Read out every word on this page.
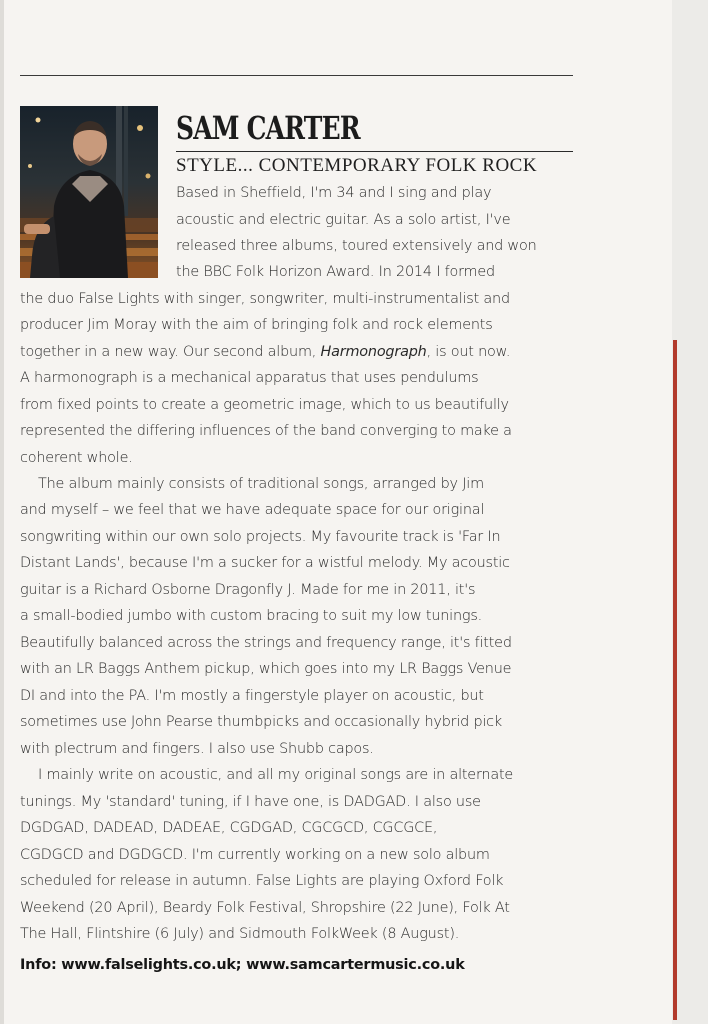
SAM CARTER
STYLE... CONTEMPORARY FOLK ROCK
Based in Sheffield, I'm 34 and I sing and play
acoustic and electric guitar. As a solo artist, I've
released three albums, toured extensively and won
the BBC Folk Horizon Award. In 2014 I formed
the duo False Lights with singer, songwriter, multi-instrumentalist and
producer Jim Moray with the aim of bringing folk and rock elements
together in a new way. Our second album, Harmonograph, is out now.
A harmonograph is a mechanical apparatus that uses pendulums
from fixed points to create a geometric image, which to us beautifully
represented the differing influences of the band converging to make a
coherent whole.
The album mainly consists of traditional songs, arranged by Jim
and myself – we feel that we have adequate space for our original
songwriting within our own solo projects. My favourite track is 'Far In
Distant Lands', because I'm a sucker for a wistful melody. My acoustic
guitar is a Richard Osborne Dragonfly J. Made for me in 2011, it's
a small-bodied jumbo with custom bracing to suit my low tunings.
Beautifully balanced across the strings and frequency range, it's fitted
with an LR Baggs Anthem pickup, which goes into my LR Baggs Venue
DI and into the PA. I'm mostly a fingerstyle player on acoustic, but
sometimes use John Pearse thumbpicks and occasionally hybrid pick
with plectrum and fingers. I also use Shubb capos.
I mainly write on acoustic, and all my original songs are in alternate
tunings. My 'standard' tuning, if I have one, is DADGAD. I also use
DGDGAD, DADEAD, DADEAE, CGDGAD, CGCGCD, CGCGCE,
CGDGCD and DGDGCD. I'm currently working on a new solo album
scheduled for release in autumn. False Lights are playing Oxford Folk
Weekend (20 April), Beardy Folk Festival, Shropshire (22 June), Folk At
The Hall, Flintshire (6 July) and Sidmouth FolkWeek (8 August).
Info: www.falselights.co.uk; www.samcartermusic.co.uk
